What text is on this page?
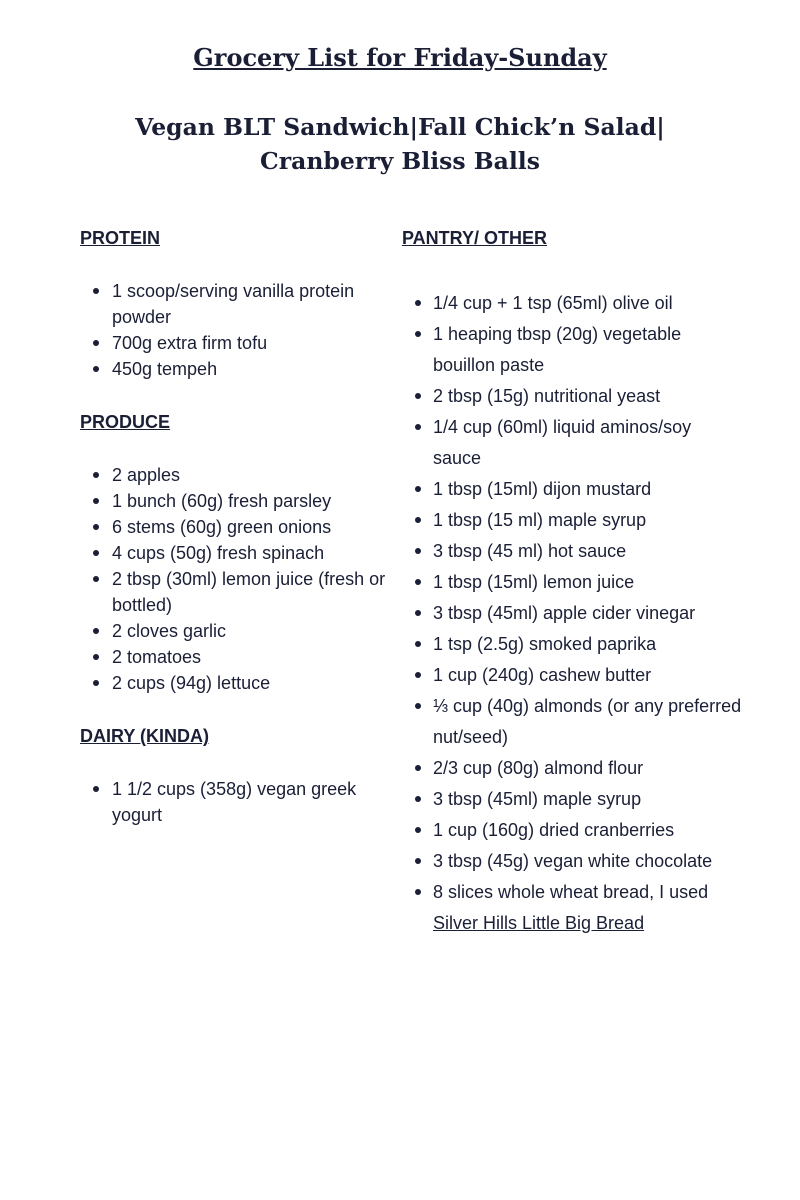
Grocery List for Friday-Sunday
Vegan BLT Sandwich|Fall Chick’n Salad| Cranberry Bliss Balls
PROTEIN
1 scoop/serving vanilla protein powder
700g extra firm tofu
450g tempeh
PRODUCE
2 apples
1 bunch (60g) fresh parsley
6 stems (60g) green onions
4 cups (50g) fresh spinach
2 tbsp (30ml) lemon juice (fresh or bottled)
2 cloves garlic
2 tomatoes
2 cups (94g) lettuce
DAIRY (KINDA)
1 1/2 cups (358g) vegan greek yogurt
PANTRY/ OTHER
1/4 cup + 1 tsp (65ml) olive oil
1 heaping tbsp (20g) vegetable bouillon paste
2 tbsp (15g) nutritional yeast
1/4 cup (60ml) liquid aminos/soy sauce
1 tbsp (15ml) dijon mustard
1 tbsp (15 ml) maple syrup
3 tbsp (45 ml) hot sauce
1 tbsp (15ml) lemon juice
3 tbsp (45ml) apple cider vinegar
1 tsp (2.5g) smoked paprika
1 cup (240g) cashew butter
⅓ cup (40g) almonds (or any preferred nut/seed)
2/3 cup (80g) almond flour
3 tbsp (45ml) maple syrup
1 cup (160g) dried cranberries
3 tbsp (45g) vegan white chocolate
8 slices whole wheat bread, I used Silver Hills Little Big Bread
